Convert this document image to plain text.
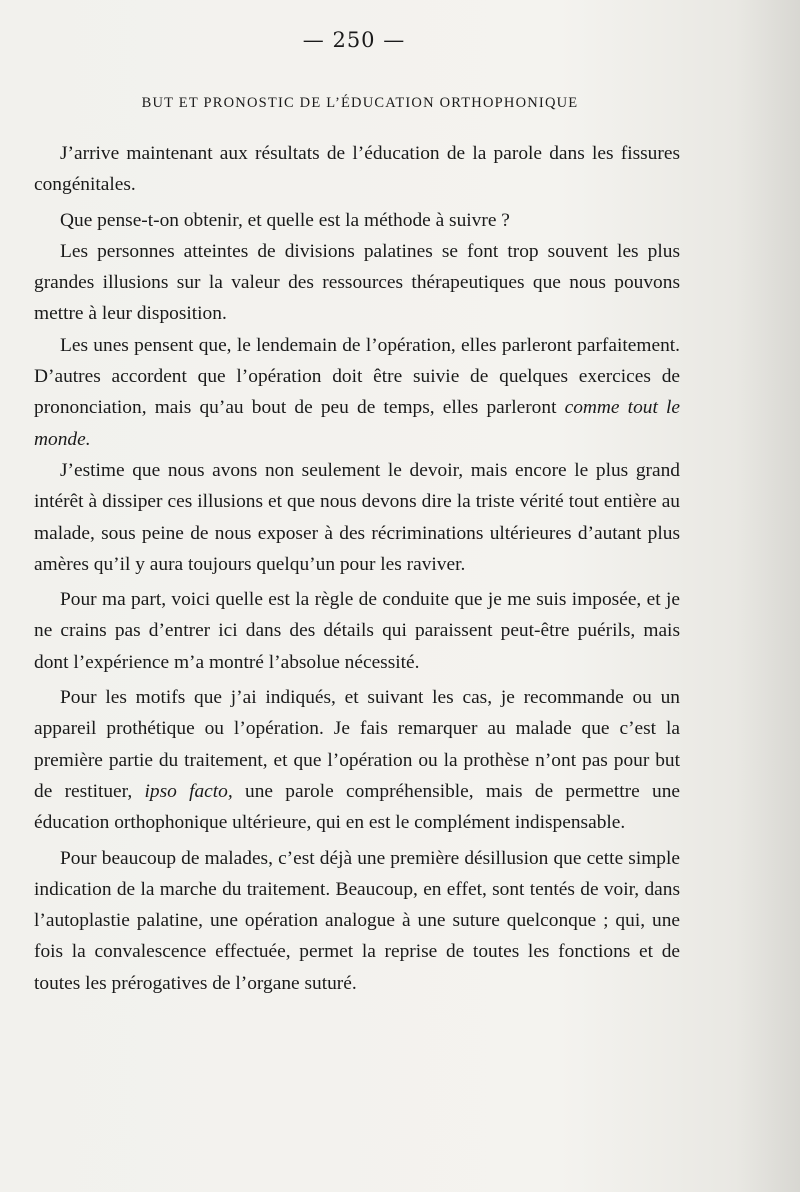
— 250 —
BUT ET PRONOSTIC DE L’ÉDUCATION ORTHOPHONIQUE

J’arrive maintenant aux résultats de l’éducation de la parole dans les fissures congénitales.

Que pense-t-on obtenir, et quelle est la méthode à suivre ?

Les personnes atteintes de divisions palatines se font trop souvent les plus grandes illusions sur la valeur des ressources thérapeutiques que nous pouvons mettre à leur disposition.

Les unes pensent que, le lendemain de l’opération, elles parleront parfaitement. D’autres accordent que l’opération doit être suivie de quelques exercices de prononciation, mais qu’au bout de peu de temps, elles parleront comme tout le monde.

J’estime que nous avons non seulement le devoir, mais encore le plus grand intérêt à dissiper ces illusions et que nous devons dire la triste vérité tout entière au malade, sous peine de nous exposer à des récriminations ultérieures d’autant plus amères qu’il y aura toujours quelqu’un pour les raviver.

Pour ma part, voici quelle est la règle de conduite que je me suis imposée, et je ne crains pas d’entrer ici dans des détails qui paraissent peut-être puérils, mais dont l’expérience m’a montré l’absolue nécessité.

Pour les motifs que j’ai indiqués, et suivant les cas, je recommande ou un appareil prothétique ou l’opération. Je fais remarquer au malade que c’est la première partie du traitement, et que l’opération ou la prothèse n’ont pas pour but de restituer, ipso facto, une parole compréhensible, mais de permettre une éducation orthophonique ultérieure, qui en est le complément indispensable.

Pour beaucoup de malades, c’est déjà une première désillusion que cette simple indication de la marche du traitement. Beaucoup, en effet, sont tentés de voir, dans l’autoplastie palatine, une opération analogue à une suture quelconque ; qui, une fois la convalescence effectuée, permet la reprise de toutes les fonctions et de toutes les prérogatives de l’organe suturé.
